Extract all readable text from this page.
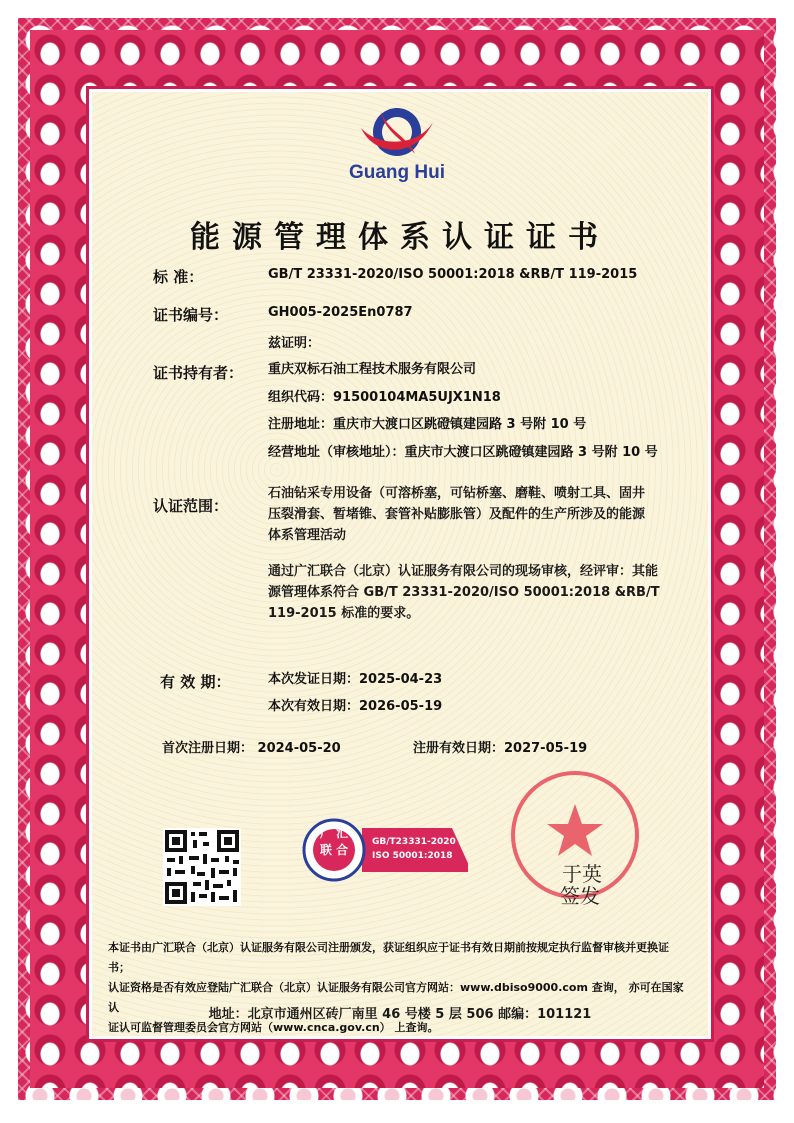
Guang Hui
能源管理体系认证证书
标 准：	GB/T 23331-2020/ISO 50001:2018 &RB/T 119-2015
证书编号：	GH005-2025En0787
兹证明：
证书持有者： 重庆双标石油工程技术服务有限公司
组织代码：91500104MA5UJX1N18
注册地址：重庆市大渡口区跳磴镇建园路 3 号附 10 号
经营地址（审核地址）：重庆市大渡口区跳磴镇建园路 3 号附 10 号
认证范围：
石油钻采专用设备（可溶桥塞，可钻桥塞、磨鞋、喷射工具、固井
压裂滑套、暂堵锥、套管补贴膨胀管）及配件的生产所涉及的能源
体系管理活动
通过广汇联合（北京）认证服务有限公司的现场审核，经评审：其能
源管理体系符合 GB/T 23331-2020/ISO 50001:2018 &RB/T
119-2015 标准的要求。
有 效 期：	本次发证日期：2025-04-23
本次有效日期：2026-05-19
首次注册日期： 2024-05-20	注册有效日期：2027-05-19
广 汇
联 合
GB/T23331-2020
ISO 50001:2018
于英
签发
本证书由广汇联合（北京）认证服务有限公司注册颁发，获证组织应于证书有效日期前按规定执行监督审核并更换证书；
认证资格是否有效应登陆广汇联合（北京）认证服务有限公司官方网站：www.dbiso9000.com 查询， 亦可在国家认
证认可监督管理委员会官方网站（www.cnca.gov.cn） 上查询。
地址：北京市通州区砖厂南里 46 号楼 5 层 506 邮编：101121
